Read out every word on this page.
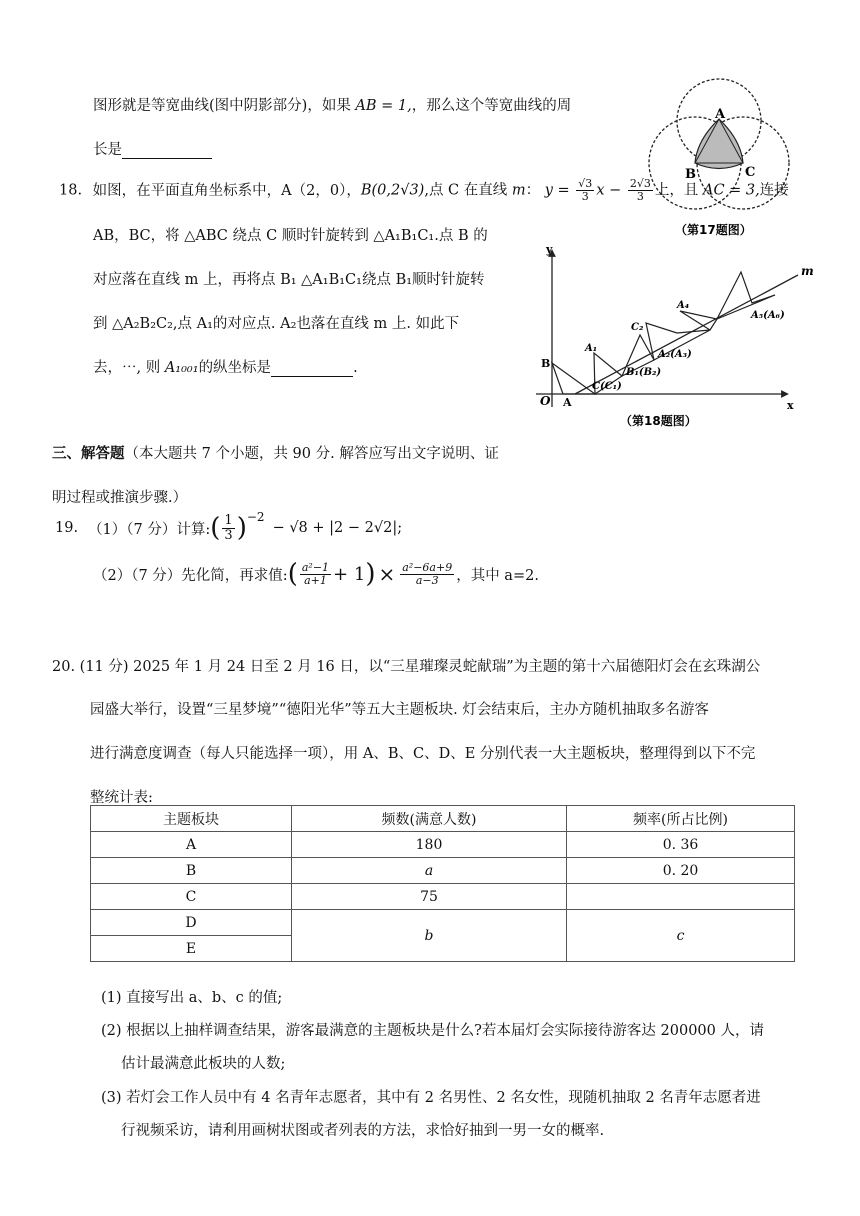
图形就是等宽曲线(图中阴影部分)，如果 AB = 1,，那么这个等宽曲线的周
长是
A
B	C
（第17题图）
18. 如图，在平面直角坐标系中，A（2，0），B(0,2√3),点 C 在直线 m： $y = \frac{√3}{3}$ $x - \frac{2√3}{3}$ 上，且 AC = 3,连接
AB，BC，将 △ABC 绕点 C 顺时针旋转到 △A₁B₁C₁.点 B 的
对应落在直线 m 上，再将点 B₁ △A₁B₁C₁绕点 B₁顺时针旋转
到 △A₂B₂C₂,点 A₁的对应点. A₂也落在直线 m 上. 如此下
去，⋯, 则 A₁₀₀₁的纵坐标是	.
y
x
O
m
A
B
C(C₁)
A₁
B₁(B₂)
C₂
A₂(A₃)
A₄
A₅(A₆)
（第18题图）
三、解答题（本大题共 7 个小题，共 90 分. 解答应写出文字说明、证
明过程或推演步骤.）
19. （1）（7 分）计算: ( $\frac{1}{3} )^{-2}$
− √8 + |2 − 2√2|;
（2）（7 分）先化简，再求值: ( $\frac{\text{a²−1}}{a+1} + 1$ ) × $\frac{\text{a²−6a+9}}{a-3}$ ，其中 a=2.
20. (11 分) 2025 年 1 月 24 日至 2 月 16 日，以“三星璀璨灵蛇献瑞”为主题的第十六届德阳灯会在玄珠湖公
园盛大举行，设置“三星梦境”“德阳光华”等五大主题板块. 灯会结束后，主办方随机抽取多名游客
进行满意度调查（每人只能选择一项），用 A、B、C、D、E 分别代表一大主题板块，整理得到以下不完
整统计表:
主题板块	频数(满意人数)	频率(所占比例)
A	180	0. 36
B	a	0. 20
C	75	
D	b	c
E		
(1) 直接写出 a、b、c 的值;
(2) 根据以上抽样调查结果，游客最满意的主题板块是什么?若本届灯会实际接待游客达 200000 人，请
估计最满意此板块的人数;
(3) 若灯会工作人员中有 4 名青年志愿者，其中有 2 名男性、2 名女性，现随机抽取 2 名青年志愿者进
行视频采访，请利用画树状图或者列表的方法，求恰好抽到一男一女的概率.
